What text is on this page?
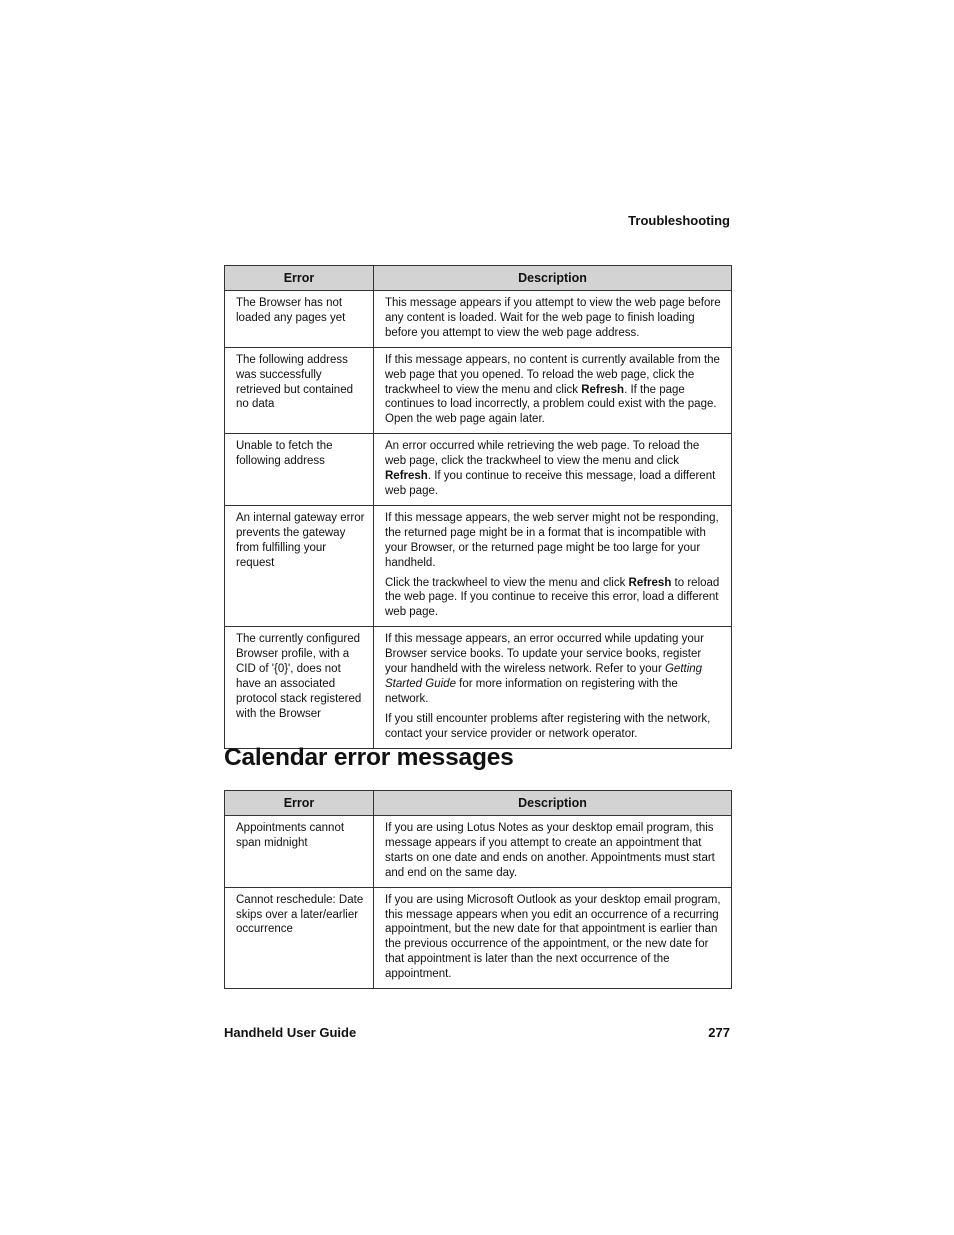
Troubleshooting
Error	Description
The Browser has not loaded any pages yet	This message appears if you attempt to view the web page before any content is loaded. Wait for the web page to finish loading before you attempt to view the web page address.
The following address was successfully retrieved but contained no data	If this message appears, no content is currently available from the web page that you opened. To reload the web page, click the trackwheel to view the menu and click Refresh. If the page continues to load incorrectly, a problem could exist with the page. Open the web page again later.
Unable to fetch the following address	An error occurred while retrieving the web page. To reload the web page, click the trackwheel to view the menu and click Refresh. If you continue to receive this message, load a different web page.
An internal gateway error prevents the gateway from fulfilling your request	If this message appears, the web server might not be responding, the returned page might be in a format that is incompatible with your Browser, or the returned page might be too large for your handheld.

Click the trackwheel to view the menu and click Refresh to reload the web page. If you continue to receive this error, load a different web page.

The currently configured Browser profile, with a CID of '{0}', does not have an associated protocol stack registered with the Browser	If this message appears, an error occurred while updating your Browser service books. To update your service books, register your handheld with the wireless network. Refer to your Getting Started Guide for more information on registering with the network.

If you still encounter problems after registering with the network, contact your service provider or network operator.

Calendar error messages
Error	Description
Appointments cannot span midnight	If you are using Lotus Notes as your desktop email program, this message appears if you attempt to create an appointment that starts on one date and ends on another. Appointments must start and end on the same day.
Cannot reschedule: Date skips over a later/earlier occurrence	If you are using Microsoft Outlook as your desktop email program, this message appears when you edit an occurrence of a recurring appointment, but the new date for that appointment is earlier than the previous occurrence of the appointment, or the new date for that appointment is later than the next occurrence of the appointment.
Handheld User Guide	277
